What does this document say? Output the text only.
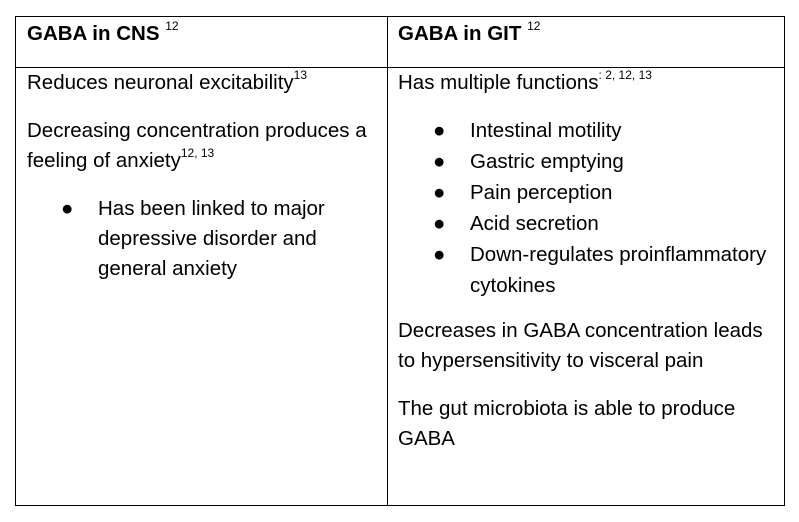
GABA in CNS $^{12}$	GABA in GIT $^{12}$

Reduces neuronal excitability$^{13}$

Decreasing concentration produces a feeling of anxiety$^{12, 13}$

● Has been linked to major depressive disorder and general anxiety

Has multiple functions$^{: 2, 12, 13}$

● Intestinal motility
● Gastric emptying
● Pain perception
● Acid secretion
● Down-regulates proinflammatory cytokines

Decreases in GABA concentration leads to hypersensitivity to visceral pain

The gut microbiota is able to produce GABA
